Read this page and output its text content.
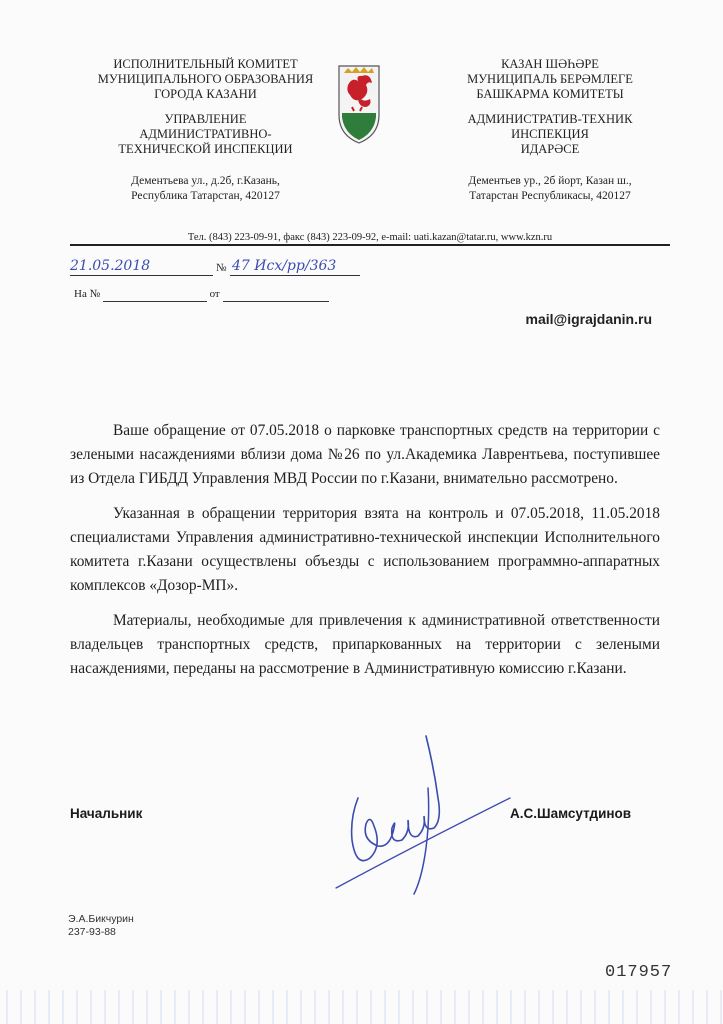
ИСПОЛНИТЕЛЬНЫЙ КОМИТЕТ
МУНИЦИПАЛЬНОГО ОБРАЗОВАНИЯ
ГОРОДА КАЗАНИ
УПРАВЛЕНИЕ
АДМИНИСТРАТИВНО-
ТЕХНИЧЕСКОЙ ИНСПЕКЦИИ
Дементьева ул., д.2б, г.Казань,
Республика Татарстан, 420127
КАЗАН ШӘҺӘРЕ
МУНИЦИПАЛЬ БЕРӘМЛЕГЕ
БАШКАРМА КОМИТЕТЫ
АДМИНИСТРАТИВ-ТЕХНИК
ИНСПЕКЦИЯ
ИДАРӘСЕ
Дементьев ур., 2б йорт, Казан ш.,
Татарстан Республикасы, 420127
Тел. (843) 223-09-91, факс (843) 223-09-92, e-mail: uati.kazan@tatar.ru, www.kzn.ru
21.05.2018	№ 47 Исх/рр/363
На №	от
mail@igrajdanin.ru

Ваше обращение от 07.05.2018 о парковке транспортных средств на территории с зелеными насаждениями вблизи дома №26 по ул.Академика Лаврентьева, поступившее из Отдела ГИБДД Управления МВД России по г.Казани, внимательно рассмотрено.

Указанная в обращении территория взята на контроль и 07.05.2018, 11.05.2018 специалистами Управления административно-технической инспекции Исполнительного комитета г.Казани осуществлены объезды с использованием программно-аппаратных комплексов «Дозор-МП».

Материалы, необходимые для привлечения к административной ответственности владельцев транспортных средств, припаркованных на территории с зелеными насаждениями, переданы на рассмотрение в Административную комиссию г.Казани.

Начальник	А.С.Шамсутдинов
Э.А.Бикчурин
237-93-88
017957
